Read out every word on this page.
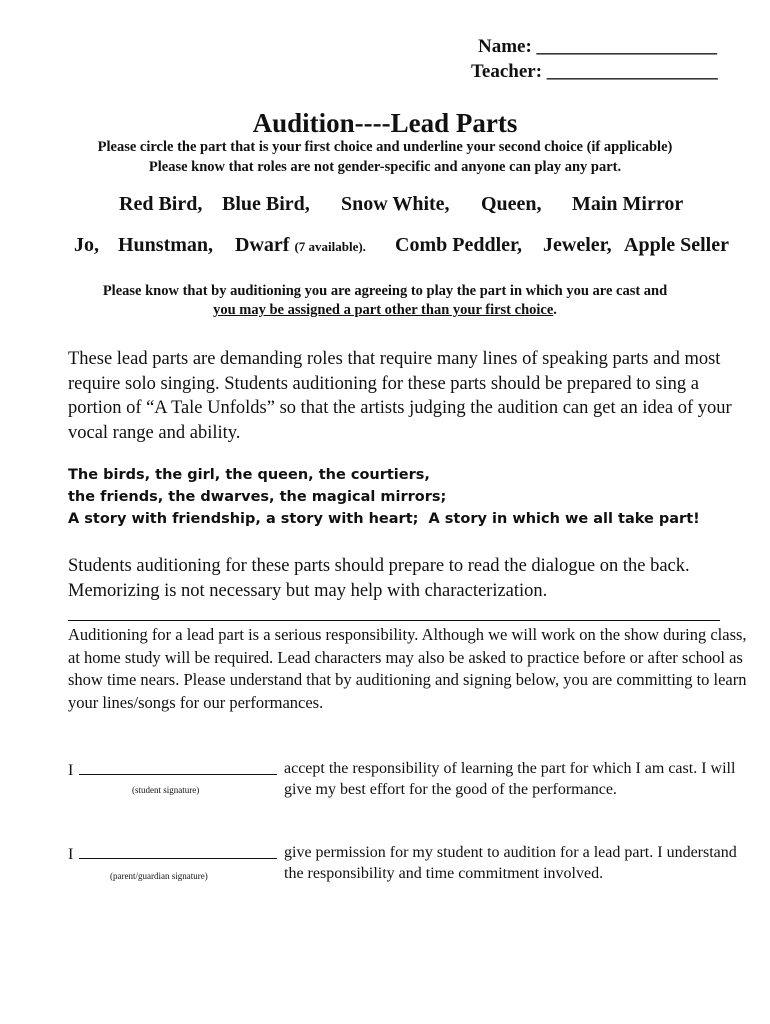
Name: ___________________
Teacher: __________________
Audition----Lead Parts
Please circle the part that is your first choice and underline your second choice (if applicable)
Please know that roles are not gender-specific and anyone can play any part.
Red Bird, Blue Bird, Snow White, Queen, Main Mirror
Jo, Hunstman, Dwarf (7 available). Comb Peddler, Jeweler, Apple Seller
Please know that by auditioning you are agreeing to play the part in which you are cast and
you may be assigned a part other than your first choice.
These lead parts are demanding roles that require many lines of speaking parts and most require solo singing. Students auditioning for these parts should be prepared to sing a portion of “A Tale Unfolds” so that the artists judging the audition can get an idea of your vocal range and ability.
The birds, the girl, the queen, the courtiers,
the friends, the dwarves, the magical mirrors;
A story with friendship, a story with heart;  A story in which we all take part!
Students auditioning for these parts should prepare to read the dialogue on the back. Memorizing is not necessary but may help with characterization.
Auditioning for a lead part is a serious responsibility. Although we will work on the show during class, at home study will be required. Lead characters may also be asked to practice before or after school as show time nears. Please understand that by auditioning and signing below, you are committing to learn your lines/songs for our performances.
I
(student signature)
accept the responsibility of learning the part for which I am cast. I will give my best effort for the good of the performance.
I
(parent/guardian signature)
give permission for my student to audition for a lead part. I understand the responsibility and time commitment involved.
